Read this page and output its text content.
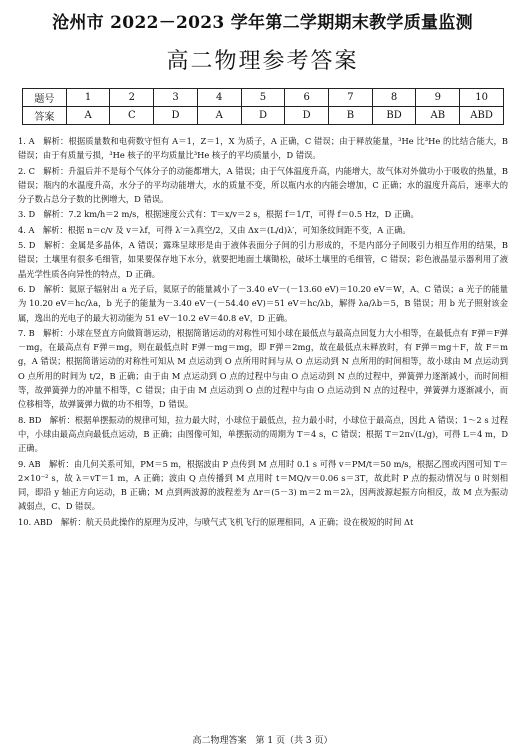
沧州市 2022－2023 学年第二学期期末教学质量监测
高二物理参考答案
题号	1	2	3	4	5	6	7	8	9	10
答案	A	C	D	A	D	D	B	BD	AB	ABD

1. A　解析：根据质量数和电荷数守恒有 A＝1，Z＝1，X 为质子，A 正确，C 错误；由于释放能量，³He 比³He 的比结合能大，B 错误；由于有质量亏损，³He 核子的平均质量比³He 核子的平均质量小，D 错误。

2. C　解析：升温后并不是每个气体分子的动能都增大，A 错误；由于气体温度升高，内能增大，故气体对外做功小于吸收的热量，B 错误；瓶内的水温度升高，水分子的平均动能增大，水的质量不变，所以瓶内水的内能会增加，C 正确；水的温度升高后，速率大的分子数占总分子数的比例增大，D 错误。

3. D　解析：7.2 km/h＝2 m/s，根据速度公式有：T＝x/v＝2 s，根据 f＝1/T，可得 f＝0.5 Hz，D 正确。

4. A　解析：根据 n＝c/v 及 v＝λf，可得 λ′＝λ真空/2，又由 Δx＝(L/d)λ′，可知条纹间距不变，A 正确。

5. D　解析：金属是多晶体，A 错误；露珠呈球形是由于液体表面分子间的引力形成的，不是内部分子间吸引力相互作用的结果，B 错误；土壤里有很多毛细管，如果要保存地下水分，就要把地面土壤锄松，破坏土壤里的毛细管，C 错误；彩色液晶显示器利用了液晶光学性质各向异性的特点，D 正确。

6. D　解析：氦原子辐射出 a 光子后，氦原子的能量减小了－3.40 eV－(－13.60 eV)＝10.20 eV＝W，A、C 错误；a 光子的能量为 10.20 eV＝hc/λa，b 光子的能量为－3.40 eV－(－54.40 eV)＝51 eV＝hc/λb，解得 λa/λb＝5，B 错误；用 b 光子照射该金属，逸出的光电子的最大初动能为 51 eV－10.2 eV＝40.8 eV，D 正确。

7. B　解析：小球在竖直方向做简谐运动，根据简谐运动的对称性可知小球在最低点与最高点回复力大小相等，在最低点有 F弹＝F弹－mg，在最高点有 F弹＝mg，则在最低点时 F弹－mg＝mg，即 F弹＝2mg，故在最低点未释放时，有 F弹＝mg＋F，故 F＝mg，A 错误；根据简谐运动的对称性可知从 M 点运动到 O 点所用时间与从 O 点运动到 N 点所用的时间相等，故小球由 M 点运动到 O 点所用的时间为 t/2，B 正确；由于由 M 点运动到 O 点的过程中与由 O 点运动到 N 点的过程中，弹簧弹力逐渐减小，而时间相等，故弹簧弹力的冲量不相等，C 错误；由于由 M 点运动到 O 点的过程中与由 O 点运动到 N 点的过程中，弹簧弹力逐渐减小，而位移相等，故弹簧弹力做的功不相等，D 错误。

8. BD　解析：根据单摆振动的规律可知，拉力最大时，小球位于最低点，拉力最小时，小球位于最高点，因此 A 错误；1～2 s 过程中，小球由最高点向最低点运动，B 正确；由图像可知，单摆振动的周期为 T＝4 s，C 错误；根据 T＝2π√(L/g)，可得 L＝4 m，D 正确。

9. AB　解析：由几何关系可知，PM＝5 m，根据波由 P 点传到 M 点用时 0.1 s 可得 v＝PM/t＝50 m/s，根据乙图或丙图可知 T＝2×10⁻² s，故 λ＝vT＝1 m，A 正确；波由 Q 点传播到 M 点用时 t＝MQ/v＝0.06 s＝3T，故此时 P 点的振动情况与 0 时刻相同，即沿 y 轴正方向运动，B 正确；M 点到两波源的波程差为 Δr＝(5－3) m＝2 m＝2λ，因两波源起振方向相反，故 M 点为振动减弱点，C、D 错误。

10. ABD　解析：航天员此操作的原理为反冲，与喷气式飞机飞行的原理相同，A 正确；设在极短的时间 Δt

高二物理答案　第 1 页（共 3 页）
